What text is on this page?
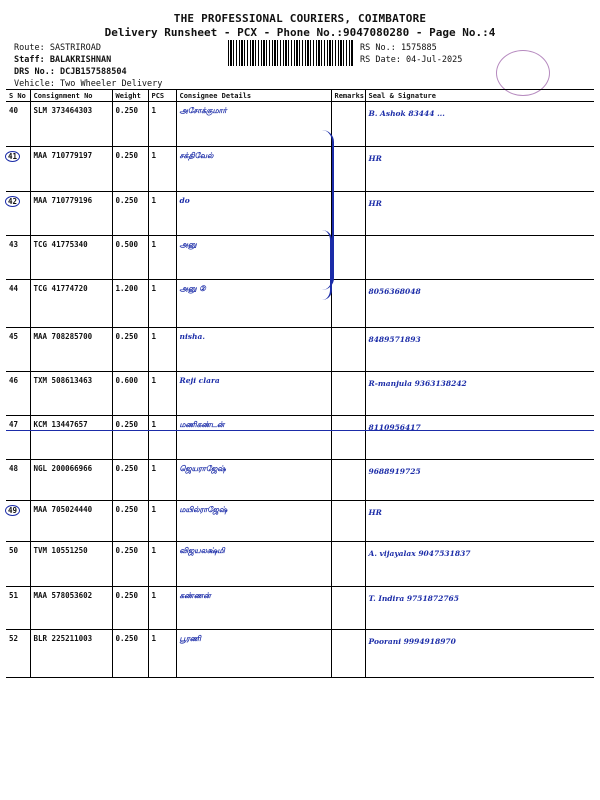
THE PROFESSIONAL COURIERS, COIMBATORE
Delivery Runsheet - PCX - Phone No.:9047080280 - Page No.:4
Route: SASTRIROAD
Staff: BALAKRISHNAN
DRS No.: DCJB157588504
Vehicle: Two Wheeler Delivery
RS No.: 1575885
RS Date: 04-Jul-2025
S No	Consignment No	Weight	PCS	Consignee Details	Remarks	Seal & Signature
40	SLM 373464303	0.250	1	அசோக்குமார்		B. Ashok 83444 ...
41	MAA 710779197	0.250	1	சக்திவேல்		HR
42	MAA 710779196	0.250	1	do		HR
43	TCG 41775340	0.500	1	அனு		
44	TCG 41774720	1.200	1	அனு ②		8056368048
45	MAA 708285700	0.250	1	nisha.		8489571893
46	TXM 508613463	0.600	1	Reji clara		R-manjula 9363138242
47	KCM 13447657	0.250	1	மணிகண்டன்		8110956417
48	NGL 200066966	0.250	1	ஜெயராஜேஷ்		9688919725
49	MAA 705024440	0.250	1	மயில்ராஜேஷ்		HR
50	TVM 10551250	0.250	1	விஜயலக்ஷ்மி		A. vijayalax 9047531837
51	MAA 578053602	0.250	1	கண்ணன்		T. Indira 9751872765
52	BLR 225211003	0.250	1	பூரணி		Poorani 9994918970
